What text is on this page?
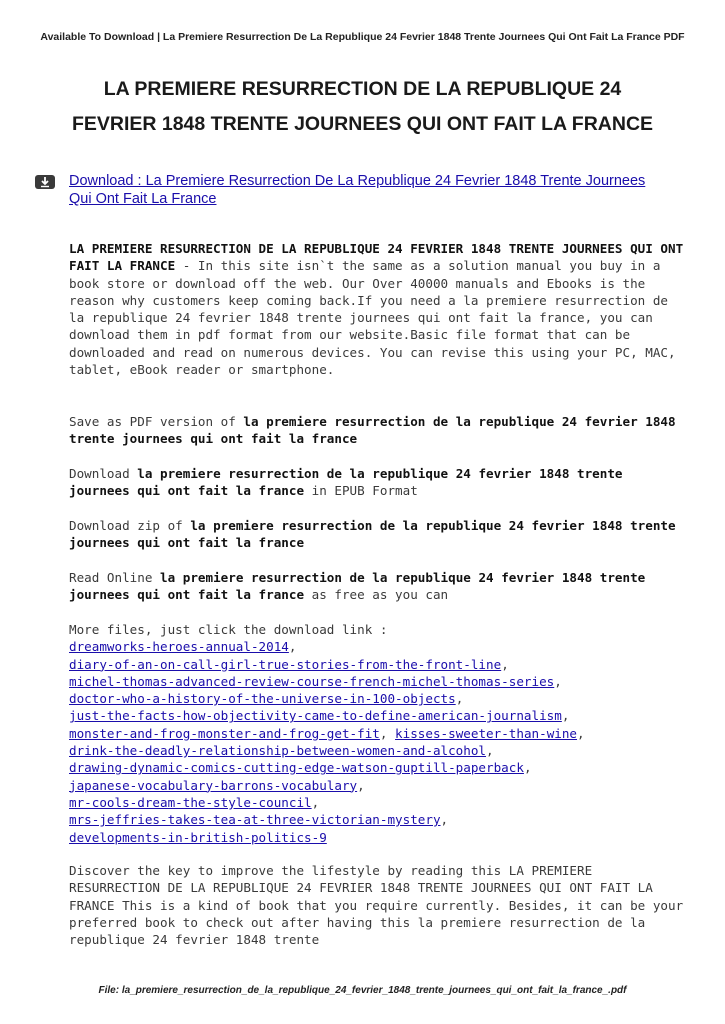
Available To Download | La Premiere Resurrection De La Republique 24 Fevrier 1848 Trente Journees Qui Ont Fait La France PDF
LA PREMIERE RESURRECTION DE LA REPUBLIQUE 24
FEVRIER 1848 TRENTE JOURNEES QUI ONT FAIT LA FRANCE
Download : La Premiere Resurrection De La Republique 24 Fevrier 1848 Trente Journees Qui Ont Fait La France

LA PREMIERE RESURRECTION DE LA REPUBLIQUE 24 FEVRIER 1848 TRENTE JOURNEES QUI ONT FAIT LA FRANCE - In this site isn`t the same as a solution manual you buy in a book store or download off the web. Our Over 40000 manuals and Ebooks is the reason why customers keep coming back.If you need a la premiere resurrection de la republique 24 fevrier 1848 trente journees qui ont fait la france, you can download them in pdf format from our website.Basic file format that can be downloaded and read on numerous devices. You can revise this using your PC, MAC, tablet, eBook reader or smartphone.

Save as PDF version of la premiere resurrection de la republique 24 fevrier 1848 trente journees qui ont fait la france

Download la premiere resurrection de la republique 24 fevrier 1848 trente journees qui ont fait la france in EPUB Format

Download zip of la premiere resurrection de la republique 24 fevrier 1848 trente journees qui ont fait la france

Read Online la premiere resurrection de la republique 24 fevrier 1848 trente journees qui ont fait la france as free as you can

More files, just click the download link :
dreamworks-heroes-annual-2014,
diary-of-an-on-call-girl-true-stories-from-the-front-line,
michel-thomas-advanced-review-course-french-michel-thomas-series,
doctor-who-a-history-of-the-universe-in-100-objects,
just-the-facts-how-objectivity-came-to-define-american-journalism,
monster-and-frog-monster-and-frog-get-fit, kisses-sweeter-than-wine,
drink-the-deadly-relationship-between-women-and-alcohol,
drawing-dynamic-comics-cutting-edge-watson-guptill-paperback,
japanese-vocabulary-barrons-vocabulary,
mr-cools-dream-the-style-council,
mrs-jeffries-takes-tea-at-three-victorian-mystery,
developments-in-british-politics-9

Discover the key to improve the lifestyle by reading this LA PREMIERE RESURRECTION DE LA REPUBLIQUE 24 FEVRIER 1848 TRENTE JOURNEES QUI ONT FAIT LA FRANCE This is a kind of book that you require currently. Besides, it can be your preferred book to check out after having this la premiere resurrection de la republique 24 fevrier 1848 trente

File: la_premiere_resurrection_de_la_republique_24_fevrier_1848_trente_journees_qui_ont_fait_la_france_.pdf
